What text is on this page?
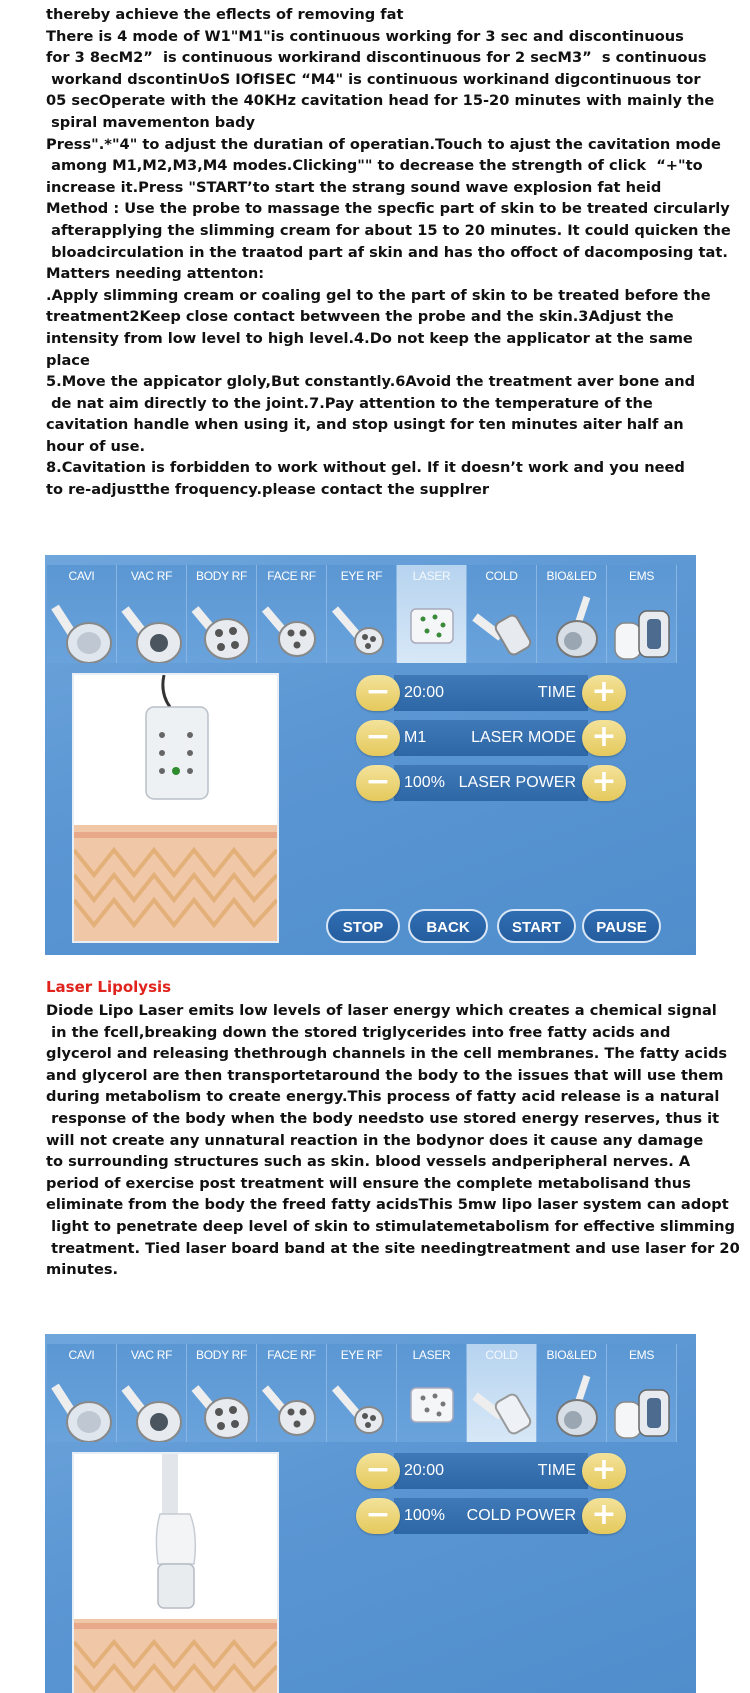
thereby achieve the eflects of removing fat

There is 4 mode of W1"M1"is continuous working for 3 sec and discontinuous

for 3 8ecM2”  is continuous workirand discontinuous for 2 secM3”  s continuous

workand dscontinUoS IOfISEC “M4" is continuous workinand digcontinuous tor

05 secOperate with the 40KHz cavitation head for 15-20 minutes with mainly the

spiral mavementon bady

Press".*"4" to adjust the duratian of operatian.Touch to ajust the cavitation mode

among M1,M2,M3,M4 modes.Clicking"" to decrease the strength of click  “+"to

increase it.Press "START’to start the strang sound wave explosion fat heid

Method : Use the probe to massage the specfic part of skin to be treated circularly

afterapplying the slimming cream for about 15 to 20 minutes. It could quicken the

bloadcirculation in the traatod part af skin and has tho offoct of dacomposing tat.

Matters needing attenton:

.Apply slimming cream or coaling gel to the part of skin to be treated before the

treatment2Keep close contact betwveen the probe and the skin.3Adjust the

intensity from low level to high level.4.Do not keep the applicator at the same

place

5.Move the appicator gloly,But constantly.6Avoid the treatment aver bone and

de nat aim directly to the joint.7.Pay attention to the temperature of the

cavitation handle when using it, and stop usingt for ten minutes aiter half an

hour of use.

8.Cavitation is forbidden to work without gel. If it doesn’t work and you need

to re-adjustthe froquency.please contact the supplrer

CAVI	VAC RF	BODY RF	FACE RF	EYE RF	LASER	COLD	BIO&LED	EMS
−	+
20:00	TIME
−	+
M1	LASER MODE
−	+
100% LASER POWER
STOP	BACK	START	PAUSE
Laser Lipolysis

Diode Lipo Laser emits low levels of laser energy which creates a chemical signal

in the fcell,breaking down the stored triglycerides into free fatty acids and

glycerol and releasing thethrough channels in the cell membranes. The fatty acids

and glycerol are then transportetaround the body to the issues that will use them

during metabolism to create energy.This process of fatty acid release is a natural

response of the body when the body needsto use stored energy reserves, thus it

will not create any unnatural reaction in the bodynor does it cause any damage

to surrounding structures such as skin. blood vessels andperipheral nerves. A

period of exercise post treatment will ensure the complete metabolisand thus

eliminate from the body the freed fatty acidsThis 5mw lipo laser system can adopt

light to penetrate deep level of skin to stimulatemetabolism for effective slimming

treatment. Tied laser board band at the site needingtreatment and use laser for 20

minutes.

CAVI	VAC RF	BODY RF	FACE RF	EYE RF	LASER	COLD	BIO&LED	EMS
−	+
20:00	TIME
−	+
100% COLD POWER
